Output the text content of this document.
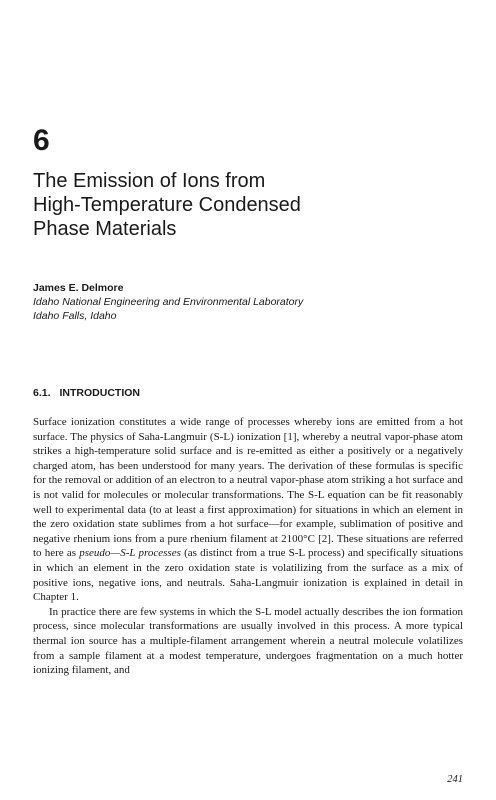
6
The Emission of Ions from
High-Temperature Condensed
Phase Materials
James E. Delmore
Idaho National Engineering and Environmental Laboratory
Idaho Falls, Idaho
6.1. INTRODUCTION

Surface ionization constitutes a wide range of processes whereby ions are emitted from a hot surface. The physics of Saha-Langmuir (S-L) ionization [1], whereby a neutral vapor-phase atom strikes a high-temperature solid surface and is re-emitted as either a positively or a negatively charged atom, has been understood for many years. The derivation of these formulas is specific for the removal or addition of an electron to a neutral vapor-phase atom striking a hot surface and is not valid for molecules or molecular transformations. The S-L equation can be fit reasonably well to experimental data (to at least a first approximation) for situations in which an element in the zero oxidation state sublimes from a hot surface—for example, sublimation of positive and negative rhenium ions from a pure rhenium filament at 2100°C [2]. These situations are referred to here as pseudo—S-L processes (as distinct from a true S-L process) and specifically situations in which an element in the zero oxidation state is volatilizing from the surface as a mix of positive ions, negative ions, and neutrals. Saha-Langmuir ionization is explained in detail in Chapter 1.

In practice there are few systems in which the S-L model actually describes the ion formation process, since molecular transformations are usually involved in this process. A more typical thermal ion source has a multiple-filament arrangement wherein a neutral molecule volatilizes from a sample filament at a modest temperature, undergoes fragmentation on a much hotter ionizing filament, and

241
